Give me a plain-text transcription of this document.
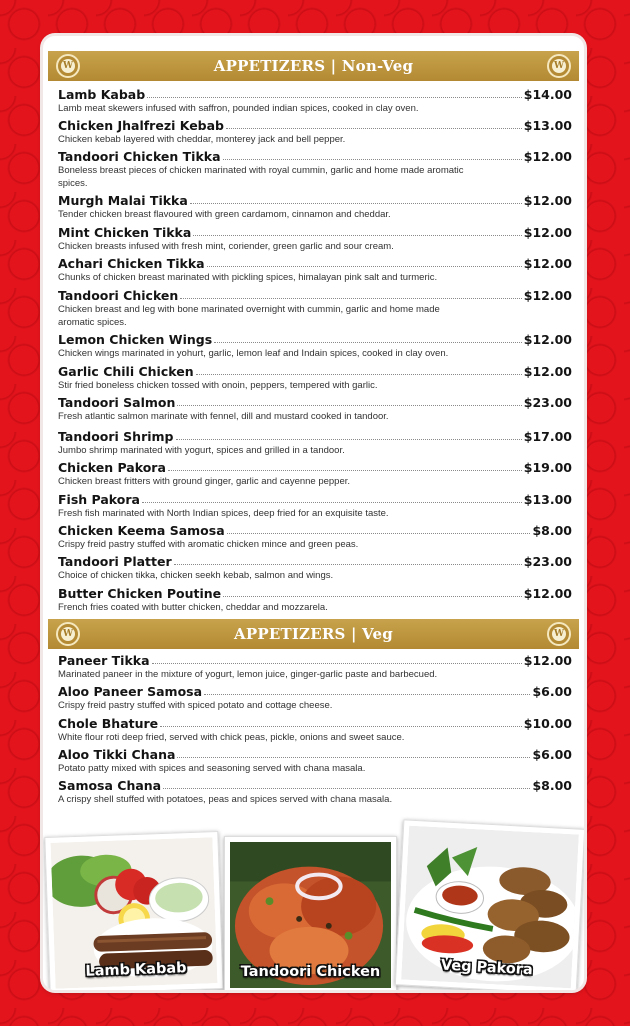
W	APPETIZERS | Non-Veg	W
Lamb Kabab	$14.00
Lamb meat skewers infused with saffron, pounded indian spices, cooked in clay oven.
Chicken Jhalfrezi Kebab	$13.00
Chicken kebab layered with cheddar, monterey jack and bell pepper.
Tandoori Chicken Tikka	$12.00
Boneless breast pieces of chicken marinated with royal cummin, garlic and home made aromatic spices.
Murgh Malai Tikka	$12.00
Tender chicken breast flavoured with green cardamom, cinnamon and cheddar.
Mint Chicken Tikka	$12.00
Chicken breasts infused with fresh mint, coriender, green garlic and sour cream.
Achari Chicken Tikka	$12.00
Chunks of chicken breast marinated with pickling spices, himalayan pink salt and turmeric.
Tandoori Chicken	$12.00
Chicken breast and leg with bone marinated overnight with cummin, garlic and home made aromatic spices.
Lemon Chicken Wings	$12.00
Chicken wings marinated in yohurt, garlic, lemon leaf and Indain spices, cooked in clay oven.
Garlic Chili Chicken	$12.00
Stir fried boneless chicken tossed with onoin, peppers, tempered with garlic.
Tandoori Salmon	$23.00
Fresh atlantic salmon marinate with fennel, dill and mustard cooked in tandoor.
Tandoori Shrimp	$17.00
Jumbo shrimp marinated with yogurt, spices and grilled in a tandoor.
Chicken Pakora	$19.00
Chicken breast fritters with ground ginger, garlic and cayenne pepper.
Fish Pakora	$13.00
Fresh fish marinated with North Indian spices, deep fried for an exquisite taste.
Chicken Keema Samosa	$8.00
Crispy freid pastry stuffed with aromatic chicken mince and green peas.
Tandoori Platter	$23.00
Choice of chicken tikka, chicken seekh kebab, salmon and wings.
Butter Chicken Poutine	$12.00
French fries coated with butter chicken, cheddar and mozzarela.
W	APPETIZERS | Veg	W
Paneer Tikka	$12.00
Marinated paneer in the mixture of yogurt, lemon juice, ginger-garlic paste and barbecued.
Aloo Paneer Samosa	$6.00
Crispy freid pastry stuffed with spiced potato and cottage cheese.
Chole Bhature	$10.00
White flour roti deep fried, served with chick peas, pickle, onions and sweet sauce.
Aloo Tikki Chana	$6.00
Potato patty mixed with spices and seasoning served with chana masala.
Samosa Chana	$8.00
A crispy shell stuffed with potatoes, peas and spices served with chana masala.
Lamb Kabab	Tandoori Chicken	Veg Pakora
